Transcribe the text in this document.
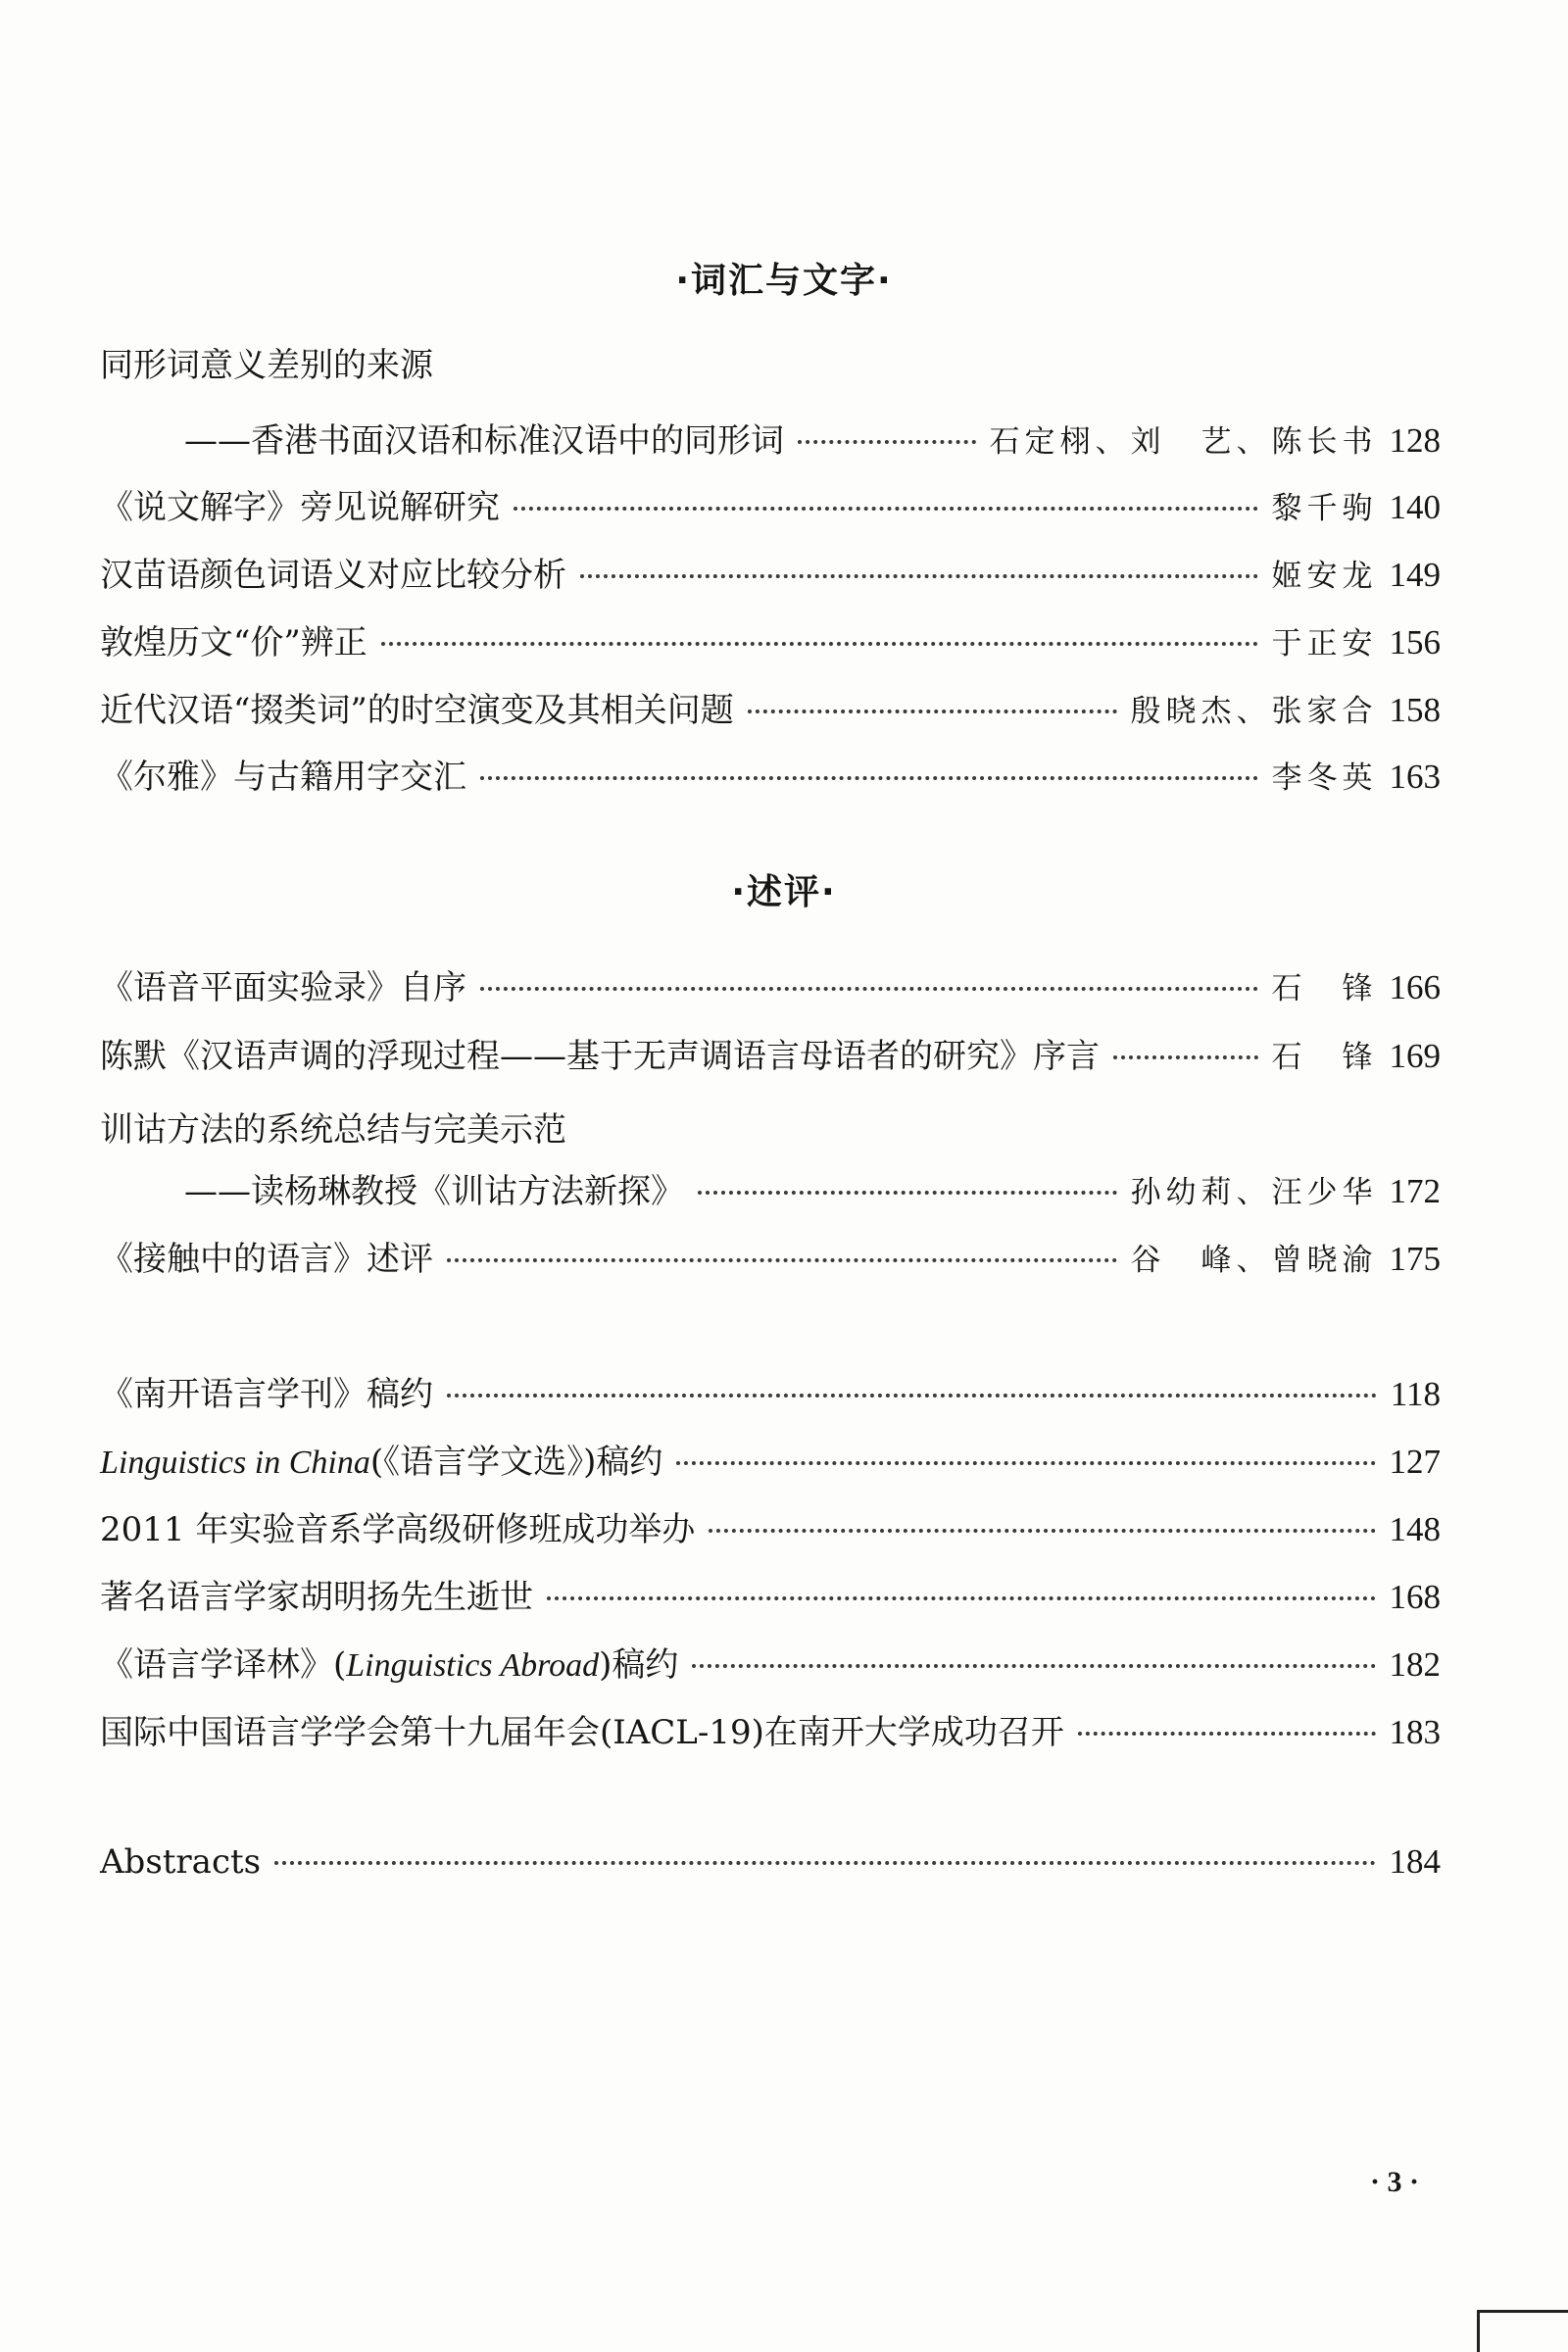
·词汇与文字·
同形词意义差别的来源
——香港书面汉语和标准汉语中的同形词	石定栩、刘　艺、陈长书 128
《说文解字》旁见说解研究	黎千驹 140
汉苗语颜色词语义对应比较分析	姬安龙 149
敦煌历文“价”辨正	于正安 156
近代汉语“掇类词”的时空演变及其相关问题	殷晓杰、张家合 158
《尔雅》与古籍用字交汇	李冬英 163
·述评·
《语音平面实验录》自序	石　锋 166
陈默《汉语声调的浮现过程——基于无声调语言母语者的研究》序言	石　锋 169
训诂方法的系统总结与完美示范
——读杨琳教授《训诂方法新探》	孙幼莉、汪少华 172
《接触中的语言》述评	谷　峰、曾晓渝 175
《南开语言学刊》稿约	118
Linguistics in China(《语言学文选》)稿约	127
2011 年实验音系学高级研修班成功举办	148
著名语言学家胡明扬先生逝世	168
《语言学译林》(Linguistics Abroad)稿约	182
国际中国语言学学会第十九届年会(IACL-19)在南开大学成功召开	183
Abstracts	184
· 3 ·
